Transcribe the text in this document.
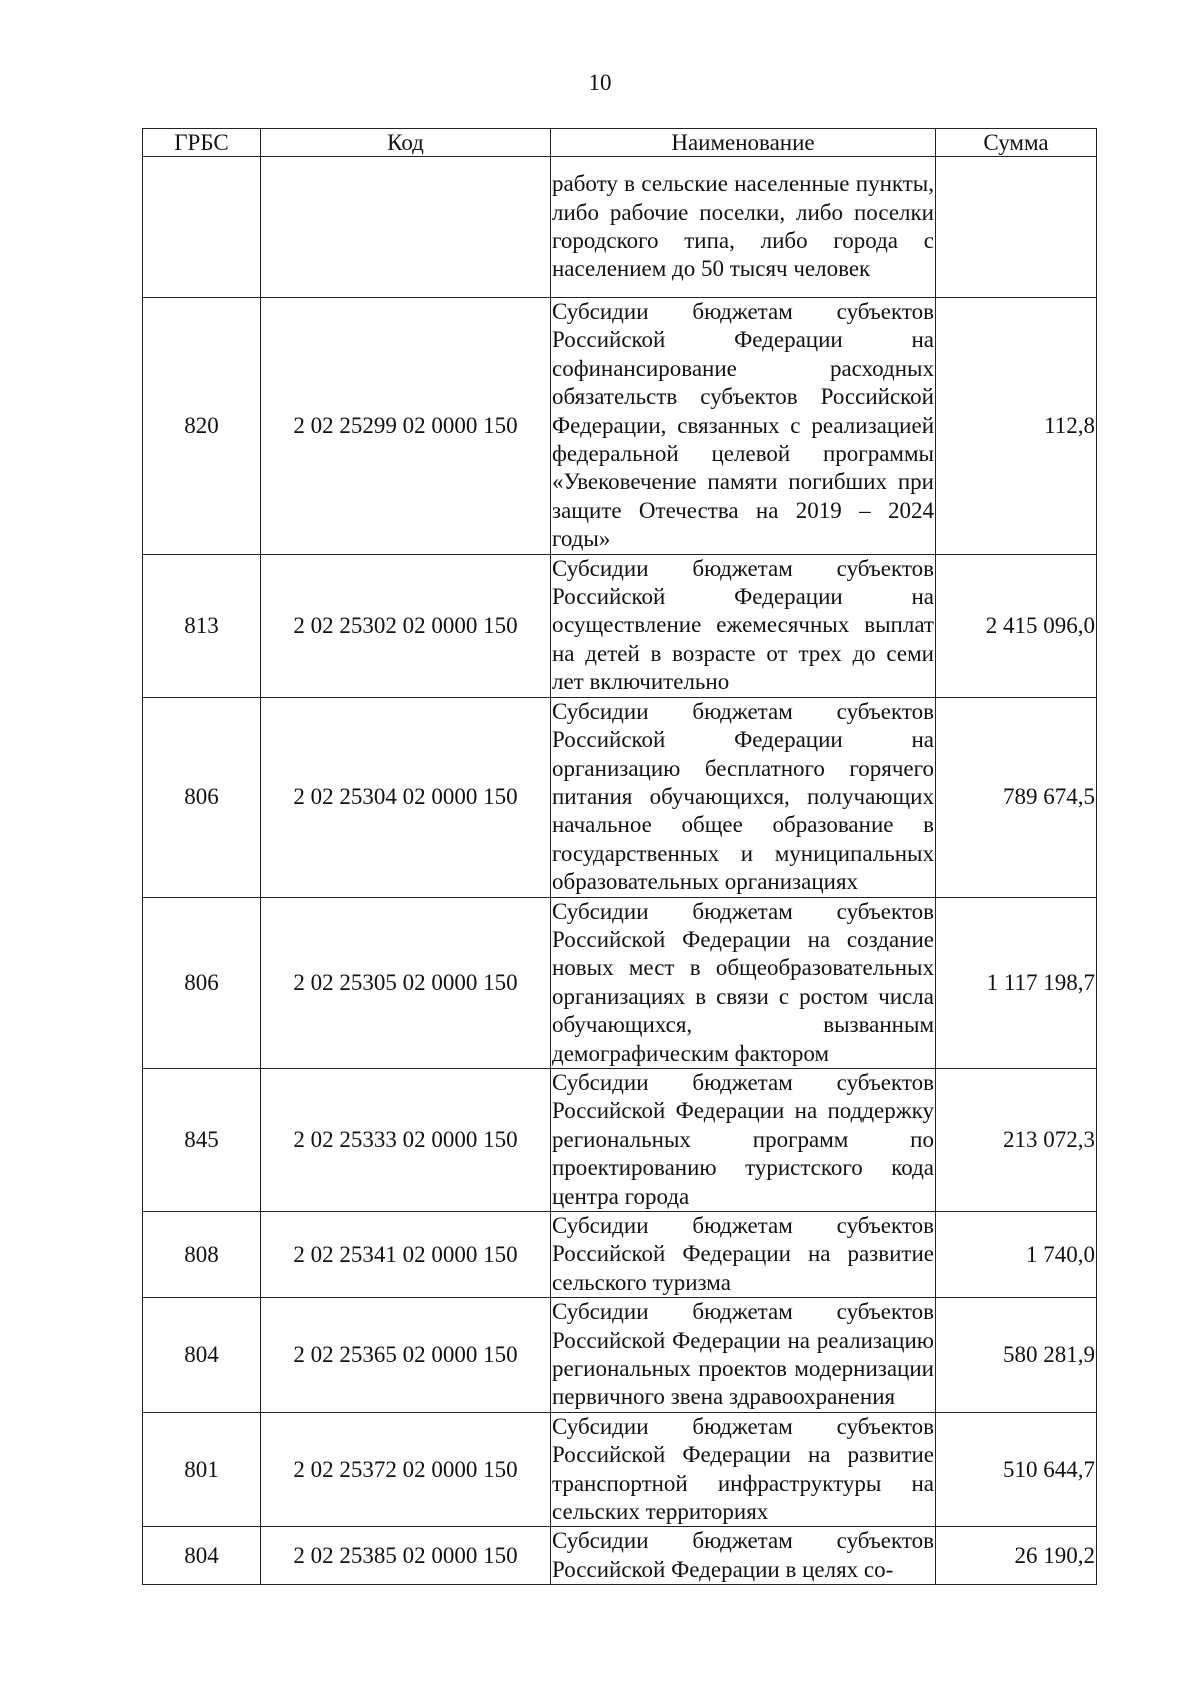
10
ГРБС	Код	Наименование	Сумма
		работу в сельские населенные пункты, либо рабочие поселки, либо поселки городского типа, либо города с населением до 50 тысяч человек	
820	2 02 25299 02 0000 150	Субсидии бюджетам субъектов Российской Федерации на софинансирование расходных обязательств субъектов Российской Федерации, связанных с реализацией федеральной целевой программы «Увековечение памяти погибших при защите Отечества на 2019 – 2024 годы»	112,8
813	2 02 25302 02 0000 150	Субсидии бюджетам субъектов Российской Федерации на осуществление ежемесячных выплат на детей в возрасте от трех до семи лет включительно	2 415 096,0
806	2 02 25304 02 0000 150	Субсидии бюджетам субъектов Российской Федерации на организацию бесплатного горячего питания обучающихся, получающих начальное общее образование в государственных и муниципальных образовательных организациях	789 674,5
806	2 02 25305 02 0000 150	Субсидии бюджетам субъектов Российской Федерации на создание новых мест в общеобразовательных организациях в связи с ростом числа обучающихся, вызванным демографическим фактором	1 117 198,7
845	2 02 25333 02 0000 150	Субсидии бюджетам субъектов Российской Федерации на поддержку региональных программ по проектированию туристского кода центра города	213 072,3
808	2 02 25341 02 0000 150	Субсидии бюджетам субъектов Российской Федерации на развитие сельского туризма	1 740,0
804	2 02 25365 02 0000 150	Субсидии бюджетам субъектов Российской Федерации на реализацию региональных проектов модернизации первичного звена здравоохранения	580 281,9
801	2 02 25372 02 0000 150	Субсидии бюджетам субъектов Российской Федерации на развитие транспортной инфраструктуры на сельских территориях	510 644,7
804	2 02 25385 02 0000 150	Субсидии бюджетам субъектов Российской Федерации в целях со-	26 190,2
